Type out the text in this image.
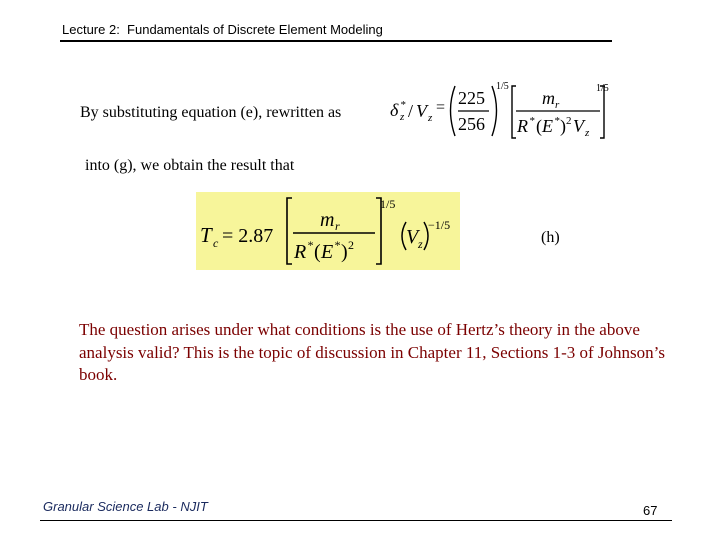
Lecture 2:  Fundamentals of Discrete Element Modeling
By substituting equation (e), rewritten as	δ *
z / V z
= 225
256
1/5
m r
R * ( E * ) 2 V z
1/5
into (g), we obtain the result that
T c = 2.87
m r
R * ( E * ) 2
1/5
V z
−1/5
(h)
The question arises under what conditions is the use of Hertz’s theory in the above analysis valid? This is the topic of discussion in Chapter 11, Sections 1-3 of Johnson’s book.
Granular Science Lab - NJIT	67
